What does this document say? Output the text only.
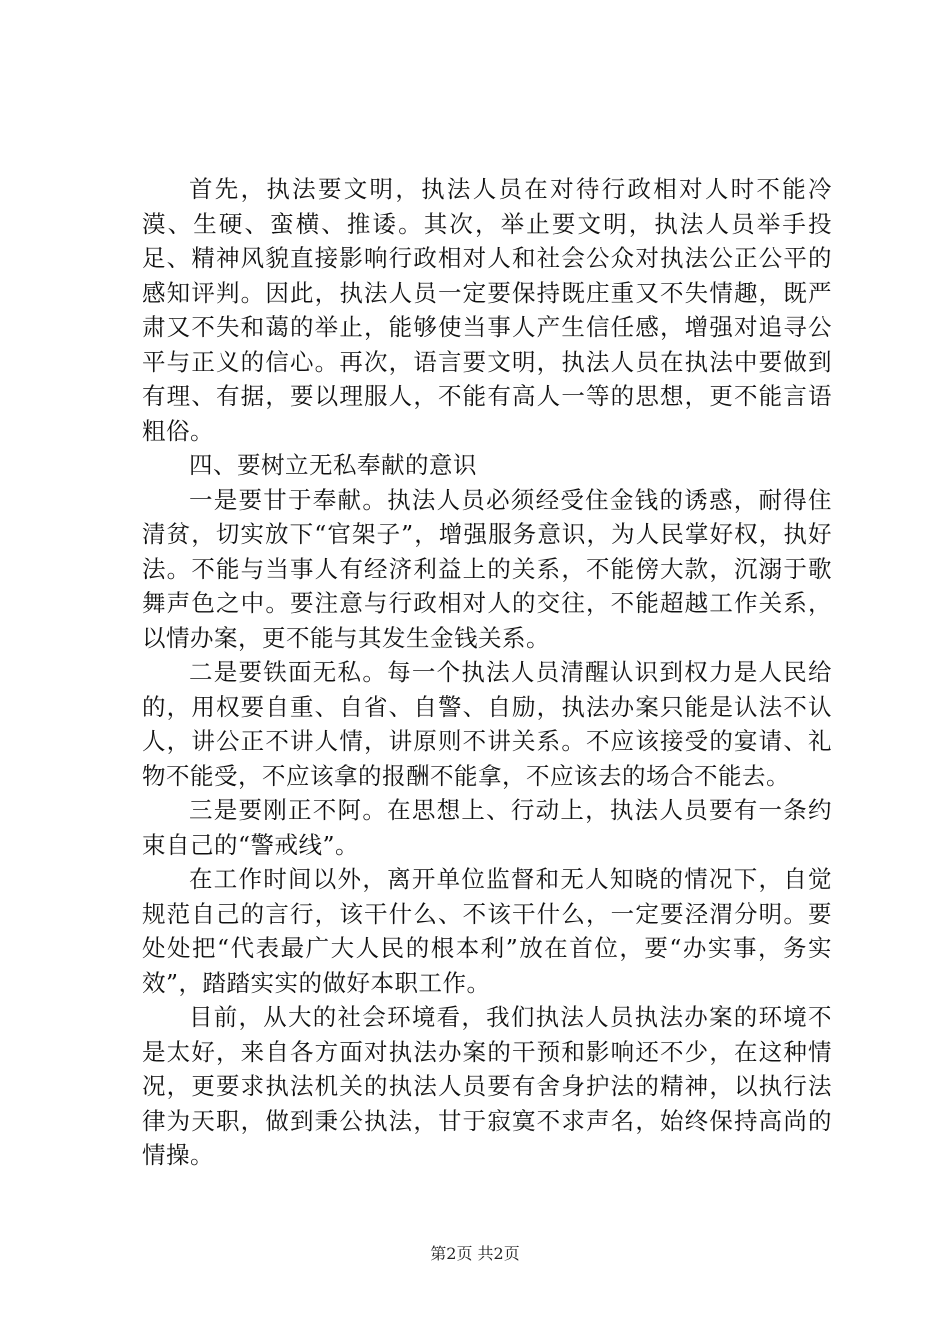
首先，执法要文明，执法人员在对待行政相对人时不能冷漠、生硬、蛮横、推诿。其次，举止要文明，执法人员举手投足、精神风貌直接影响行政相对人和社会公众对执法公正公平的感知评判。因此，执法人员一定要保持既庄重又不失情趣，既严肃又不失和蔼的举止，能够使当事人产生信任感，增强对追寻公平与正义的信心。再次，语言要文明，执法人员在执法中要做到有理、有据，要以理服人，不能有高人一等的思想，更不能言语粗俗。

四、要树立无私奉献的意识

一是要甘于奉献。执法人员必须经受住金钱的诱惑，耐得住清贫，切实放下“官架子”，增强服务意识，为人民掌好权，执好法。不能与当事人有经济利益上的关系，不能傍大款，沉溺于歌舞声色之中。要注意与行政相对人的交往，不能超越工作关系，以情办案，更不能与其发生金钱关系。

二是要铁面无私。每一个执法人员清醒认识到权力是人民给的，用权要自重、自省、自警、自励，执法办案只能是认法不认人，讲公正不讲人情，讲原则不讲关系。不应该接受的宴请、礼物不能受，不应该拿的报酬不能拿，不应该去的场合不能去。

三是要刚正不阿。在思想上、行动上，执法人员要有一条约束自己的“警戒线”。

在工作时间以外，离开单位监督和无人知晓的情况下，自觉规范自己的言行，该干什么、不该干什么，一定要泾渭分明。要处处把“代表最广大人民的根本利”放在首位，要“办实事，务实效”，踏踏实实的做好本职工作。

目前，从大的社会环境看，我们执法人员执法办案的环境不是太好，来自各方面对执法办案的干预和影响还不少，在这种情况，更要求执法机关的执法人员要有舍身护法的精神，以执行法律为天职，做到秉公执法，甘于寂寞不求声名，始终保持高尚的情操。

第2页 共2页
